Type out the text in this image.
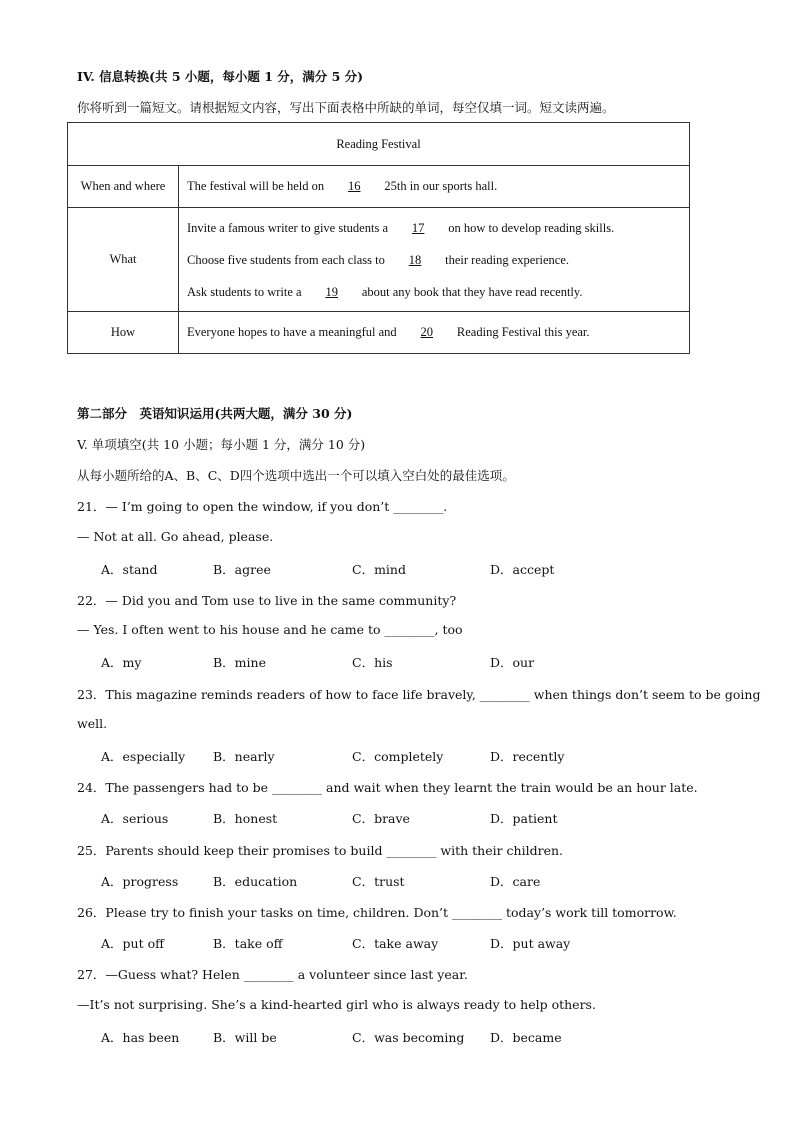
IV. 信息转换(共 5 小题，每小题 1 分，满分 5 分)
你将听到一篇短文。请根据短文内容，写出下面表格中所缺的单词，每空仅填一词。短文读两遍。
Reading Festival	
When and where	The festival will be held on 16 25th in our sports hall.
What	Invite a famous writer to give students a 17 on how to develop reading skills.
Choose five students from each class to 18 their reading experience.
Ask students to write a 19 about any book that they have read recently.

How	Everyone hopes to have a meaningful and 20 Reading Festival this year.
第二部分　英语知识运用(共两大题，满分 30 分)
V. 单项填空(共 10 小题；每小题 1 分，满分 10 分)
从每小题所给的A、B、C、D四个选项中选出一个可以填入空白处的最佳选项。
21．— I’m going to open the window, if you don’t ________.
— Not at all. Go ahead, please.
A．stand	B．agree	C．mind	D．accept
22．— Did you and Tom use to live in the same community?
— Yes. I often went to his house and he came to ________, too
A．my	B．mine	C．his	D．our
23．This magazine reminds readers of how to face life bravely, ________ when things don’t seem to be going
well.
A．especially B．nearly	C．completely	D．recently
24．The passengers had to be ________ and wait when they learnt the train would be an hour late.
A．serious	B．honest	C．brave	D．patient
25．Parents should keep their promises to build ________ with their children.
A．progress	B．education	C．trust	D．care
26．Please try to finish your tasks on time, children. Don’t ________ today’s work till tomorrow.
A．put off	B．take off	C．take away	D．put away
27．—Guess what? Helen ________ a volunteer since last year.
—It’s not surprising. She’s a kind-hearted girl who is always ready to help others.
A．has been	B．will be	C．was becoming D．became
